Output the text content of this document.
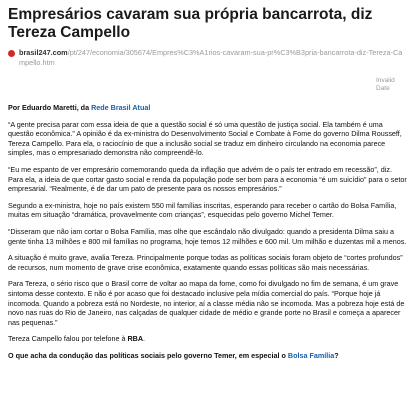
Empresários cavaram sua própria bancarrota, diz Tereza Campello
brasil247.com/pt/247/economia/305674/Empres%C3%A1rios-cavaram-sua-pr%C3%B3pria-bancarrota-diz-Tereza-Campello.htm
Invalid
Date
Por Eduardo Maretti, da Rede Brasil Atual

“A gente precisa parar com essa ideia de que a questão social é só uma questão de justiça social. Ela também é uma questão econômica.” A opinião é da ex-ministra do Desenvolvimento Social e Combate à Fome do governo Dilma Rousseff, Tereza Campello. Para ela, o raciocínio de que a inclusão social se traduz em dinheiro circulando na economia parece simples, mas o empresariado demonstra não compreendê-lo.

“Eu me espanto de ver empresário comemorando queda da inflação que advém de o país ter entrado em recessão”, diz. Para ela, a ideia de que cortar gasto social e renda da população pode ser bom para a economia “é um suicídio” para o setor empresarial. “Realmente, é de dar um pato de presente para os nossos empresários.”

Segundo a ex-ministra, hoje no país existem 550 mil famílias inscritas, esperando para receber o cartão do Bolsa Família, muitas em situação “dramática, provavelmente com crianças”, esquecidas pelo governo Michel Temer.

“Disseram que não iam cortar o Bolsa Família, mas olhe que escândalo não divulgado: quando a presidenta Dilma saiu a gente tinha 13 milhões e 800 mil famílias no programa, hoje temos 12 milhões e 600 mil. Um milhão e duzentas mil a menos.

A situação é muito grave, avalia Tereza. Principalmente porque todas as políticas sociais foram objeto de “cortes profundos” de recursos, num momento de grave crise econômica, exatamente quando essas políticas são mais necessárias.

Para Tereza, o sério risco que o Brasil corre de voltar ao mapa da fome, como foi divulgado no fim de semana, é um grave sintoma desse contexto. E não é por acaso que foi destacado inclusive pela mídia comercial do país. “Porque hoje já incomoda. Quando a pobreza está no Nordeste, no interior, aí a classe média não se incomoda. Mas a pobreza hoje está de novo nas ruas do Rio de Janeiro, nas calçadas de qualquer cidade de médio e grande porte no Brasil e começa a aparecer nas pequenas.”

Tereza Campello falou por telefone à RBA.

O que acha da condução das políticas sociais pelo governo Temer, em especial o Bolsa Família?
